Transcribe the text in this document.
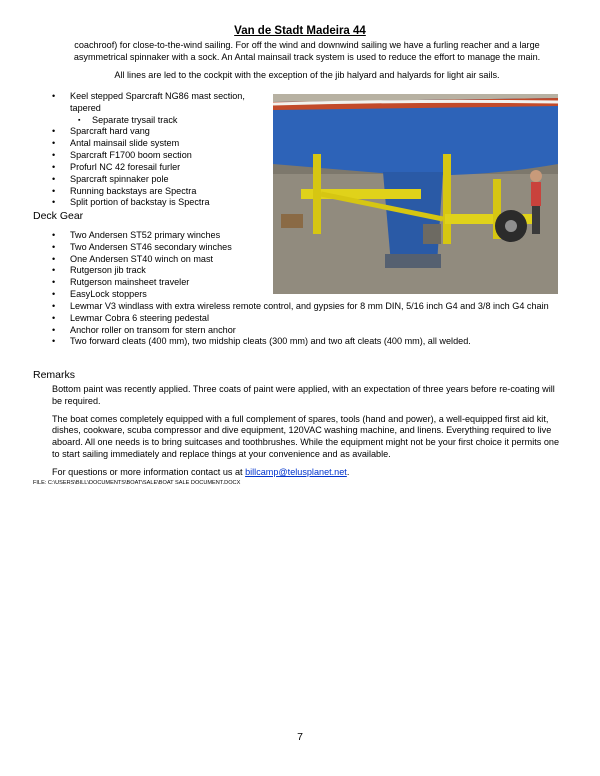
Van de Stadt Madeira 44

coachroof) for close-to-the-wind sailing. For off the wind and downwind sailing we have a furling reacher and a large asymmetrical spinnaker with a sock. An Antal mainsail track system is used to reduce the effort to manage the main.

All lines are led to the cockpit with the exception of the jib halyard and halyards for light air sails.

• Keel stepped Sparcraft NG86 mast section, tapered
▪ Separate trysail track
• Sparcraft hard vang
• Antal mainsail slide system
• Sparcraft F1700 boom section
• Profurl NC 42 foresail furler
• Sparcraft spinnaker pole
• Running backstays are Spectra
• Split portion of backstay is Spectra
Deck Gear
• Two Andersen ST52 primary winches
• Two Andersen ST46 secondary winches
• One Andersen ST40 winch on mast
• Rutgerson jib track
• Rutgerson mainsheet traveler
• EasyLock stoppers
• Lewmar V3 windlass with extra wireless remote control, and gypsies for 8 mm DIN, 5/16 inch G4 and 3/8 inch G4 chain
• Lewmar Cobra 6 steering pedestal
• Anchor roller on transom for stern anchor
• Two forward cleats (400 mm), two midship cleats (300 mm) and two aft cleats (400 mm), all welded.
Remarks

Bottom paint was recently applied. Three coats of paint were applied, with an expectation of three years before re-coating will be required.

The boat comes completely equipped with a full complement of spares, tools (hand and power), a well-equipped first aid kit, dishes, cookware, scuba compressor and dive equipment, 120VAC washing machine, and linens. Everything required to live aboard. All one needs is to bring suitcases and toothbrushes. While the equipment might not be your first choice it permits one to start sailing immediately and replace things at your convenience and as available.

For questions or more information contact us at billcamp@telusplanet.net.

FILE: C:\USERS\BILL\DOCUMENTS\BOAT\SALE\BOAT SALE DOCUMENT.DOCX
7
